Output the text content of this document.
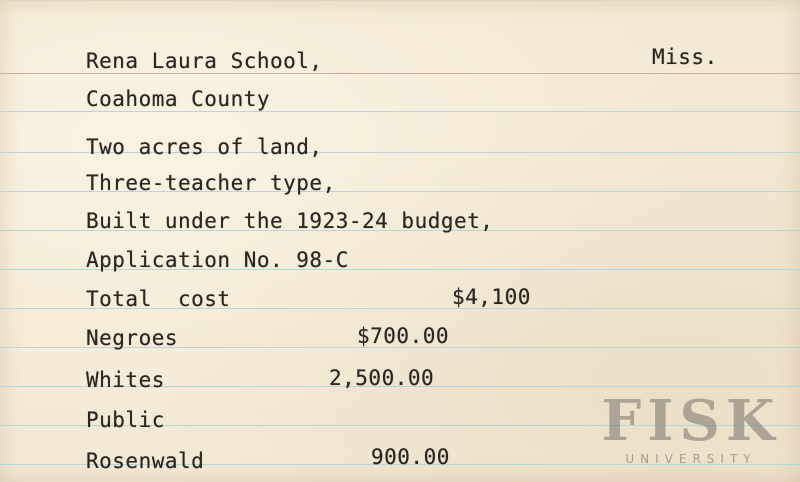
Rena Laura School,	Miss.
Coahoma County
Two acres of land,
Three-teacher type,
Built under the 1923-24 budget,
Application No. 98-C
Total  cost	$4,100
Negroes	$700.00
Whites	2,500.00
Public
Rosenwald	900.00
FISK
UNIVERSITY
